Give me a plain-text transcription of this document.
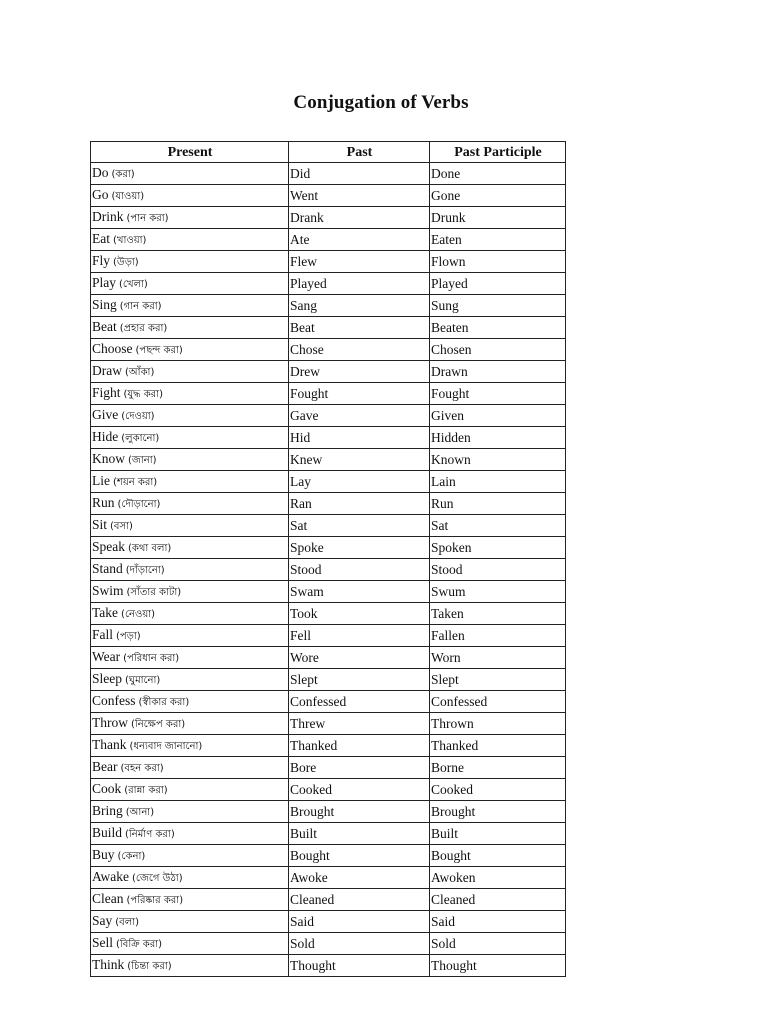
Conjugation of Verbs
Present	Past	Past Participle
Do (করা)	Did	Done
Go (যাওয়া)	Went	Gone
Drink (পান করা)	Drank	Drunk
Eat (খাওয়া)	Ate	Eaten
Fly (উড়া)	Flew	Flown
Play (খেলা)	Played	Played
Sing (গান করা)	Sang	Sung
Beat (প্রহার করা)	Beat	Beaten
Choose (পছন্দ করা)	Chose	Chosen
Draw (আঁকা)	Drew	Drawn
Fight (যুদ্ধ করা)	Fought	Fought
Give (দেওয়া)	Gave	Given
Hide (লুকানো)	Hid	Hidden
Know (জানা)	Knew	Known
Lie (শয়ন করা)	Lay	Lain
Run (দৌড়ানো)	Ran	Run
Sit (বসা)	Sat	Sat
Speak (কথা বলা)	Spoke	Spoken
Stand (দাঁড়ানো)	Stood	Stood
Swim (সাঁতার কাটা)	Swam	Swum
Take (নেওয়া)	Took	Taken
Fall (পড়া)	Fell	Fallen
Wear (পরিধান করা)	Wore	Worn
Sleep (ঘুমানো)	Slept	Slept
Confess (স্বীকার করা)	Confessed	Confessed
Throw (নিক্ষেপ করা)	Threw	Thrown
Thank (ধন্যবাদ জানানো)	Thanked	Thanked
Bear (বহন করা)	Bore	Borne
Cook (রান্না করা)	Cooked	Cooked
Bring (আনা)	Brought	Brought
Build (নির্মাণ করা)	Built	Built
Buy (কেনা)	Bought	Bought
Awake (জেগে উঠা)	Awoke	Awoken
Clean (পরিষ্কার করা)	Cleaned	Cleaned
Say (বলা)	Said	Said
Sell (বিক্রি করা)	Sold	Sold
Think (চিন্তা করা)	Thought	Thought
